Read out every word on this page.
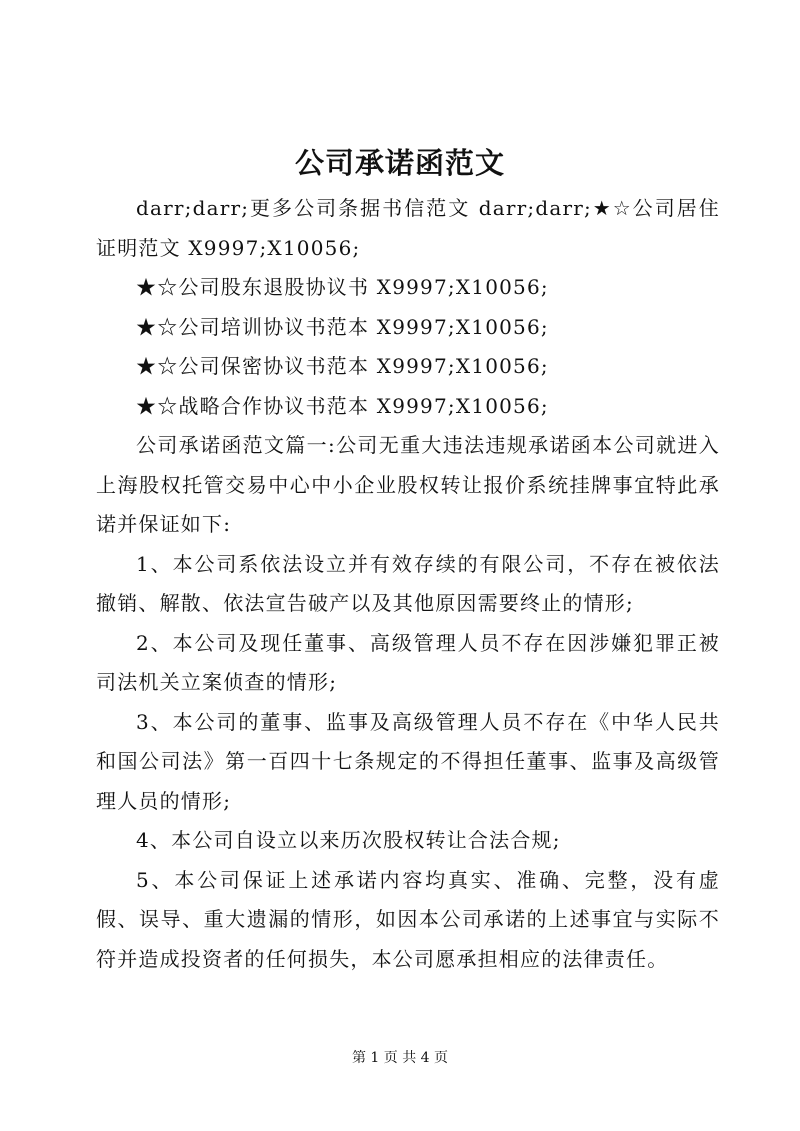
公司承诺函范文

darr;darr;更多公司条据书信范文 darr;darr;★☆公司居住证明范文 X9997;X10056;

★☆公司股东退股协议书 X9997;X10056;

★☆公司培训协议书范本 X9997;X10056;

★☆公司保密协议书范本 X9997;X10056;

★☆战略合作协议书范本 X9997;X10056;

公司承诺函范文篇一:公司无重大违法违规承诺函本公司就进入上海股权托管交易中心中小企业股权转让报价系统挂牌事宜特此承诺并保证如下:

1、本公司系依法设立并有效存续的有限公司，不存在被依法撤销、解散、依法宣告破产以及其他原因需要终止的情形;

2、本公司及现任董事、高级管理人员不存在因涉嫌犯罪正被司法机关立案侦查的情形;

3、本公司的董事、监事及高级管理人员不存在《中华人民共和国公司法》第一百四十七条规定的不得担任董事、监事及高级管理人员的情形;

4、本公司自设立以来历次股权转让合法合规;

5、本公司保证上述承诺内容均真实、准确、完整，没有虚假、误导、重大遗漏的情形，如因本公司承诺的上述事宜与实际不符并造成投资者的任何损失，本公司愿承担相应的法律责任。

第 1 页 共 4 页
